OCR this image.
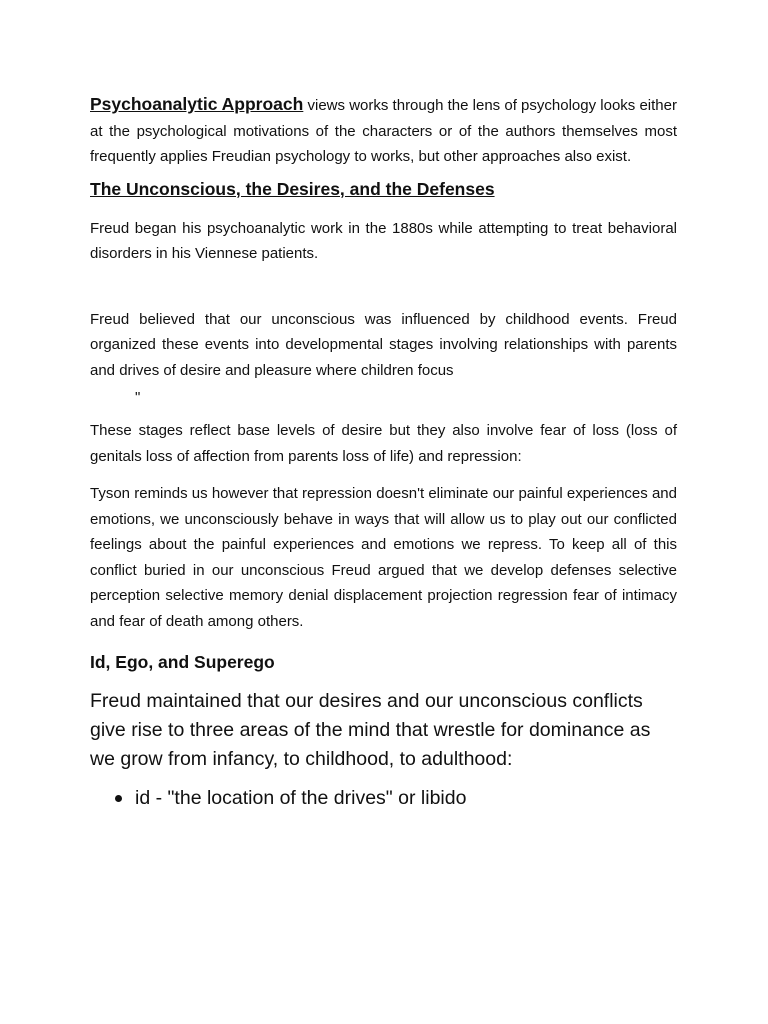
Psychoanalytic Approach views works through the lens of psychology looks either at the psychological motivations of the characters or of the authors themselves most frequently applies Freudian psychology to works, but other approaches also exist.

The Unconscious, the Desires, and the Defenses

Freud began his psychoanalytic work in the 1880s while attempting to treat behavioral disorders in his Viennese patients.

Freud believed that our unconscious was influenced by childhood events. Freud organized these events into developmental stages involving relationships with parents and drives of desire and pleasure where children focus

"

These stages reflect base levels of desire but they also involve fear of loss (loss of genitals loss of affection from parents loss of life) and repression:

Tyson reminds us however that repression doesn't eliminate our painful experiences and emotions, we unconsciously behave in ways that will allow us to play out our conflicted feelings about the painful experiences and emotions we repress. To keep all of this conflict buried in our unconscious Freud argued that we develop defenses selective perception selective memory denial displacement projection regression fear of intimacy and fear of death among others.

Id, Ego, and Superego

Freud maintained that our desires and our unconscious conflicts give rise to three areas of the mind that wrestle for dominance as we grow from infancy, to childhood, to adulthood:

id - "the location of the drives" or libido
